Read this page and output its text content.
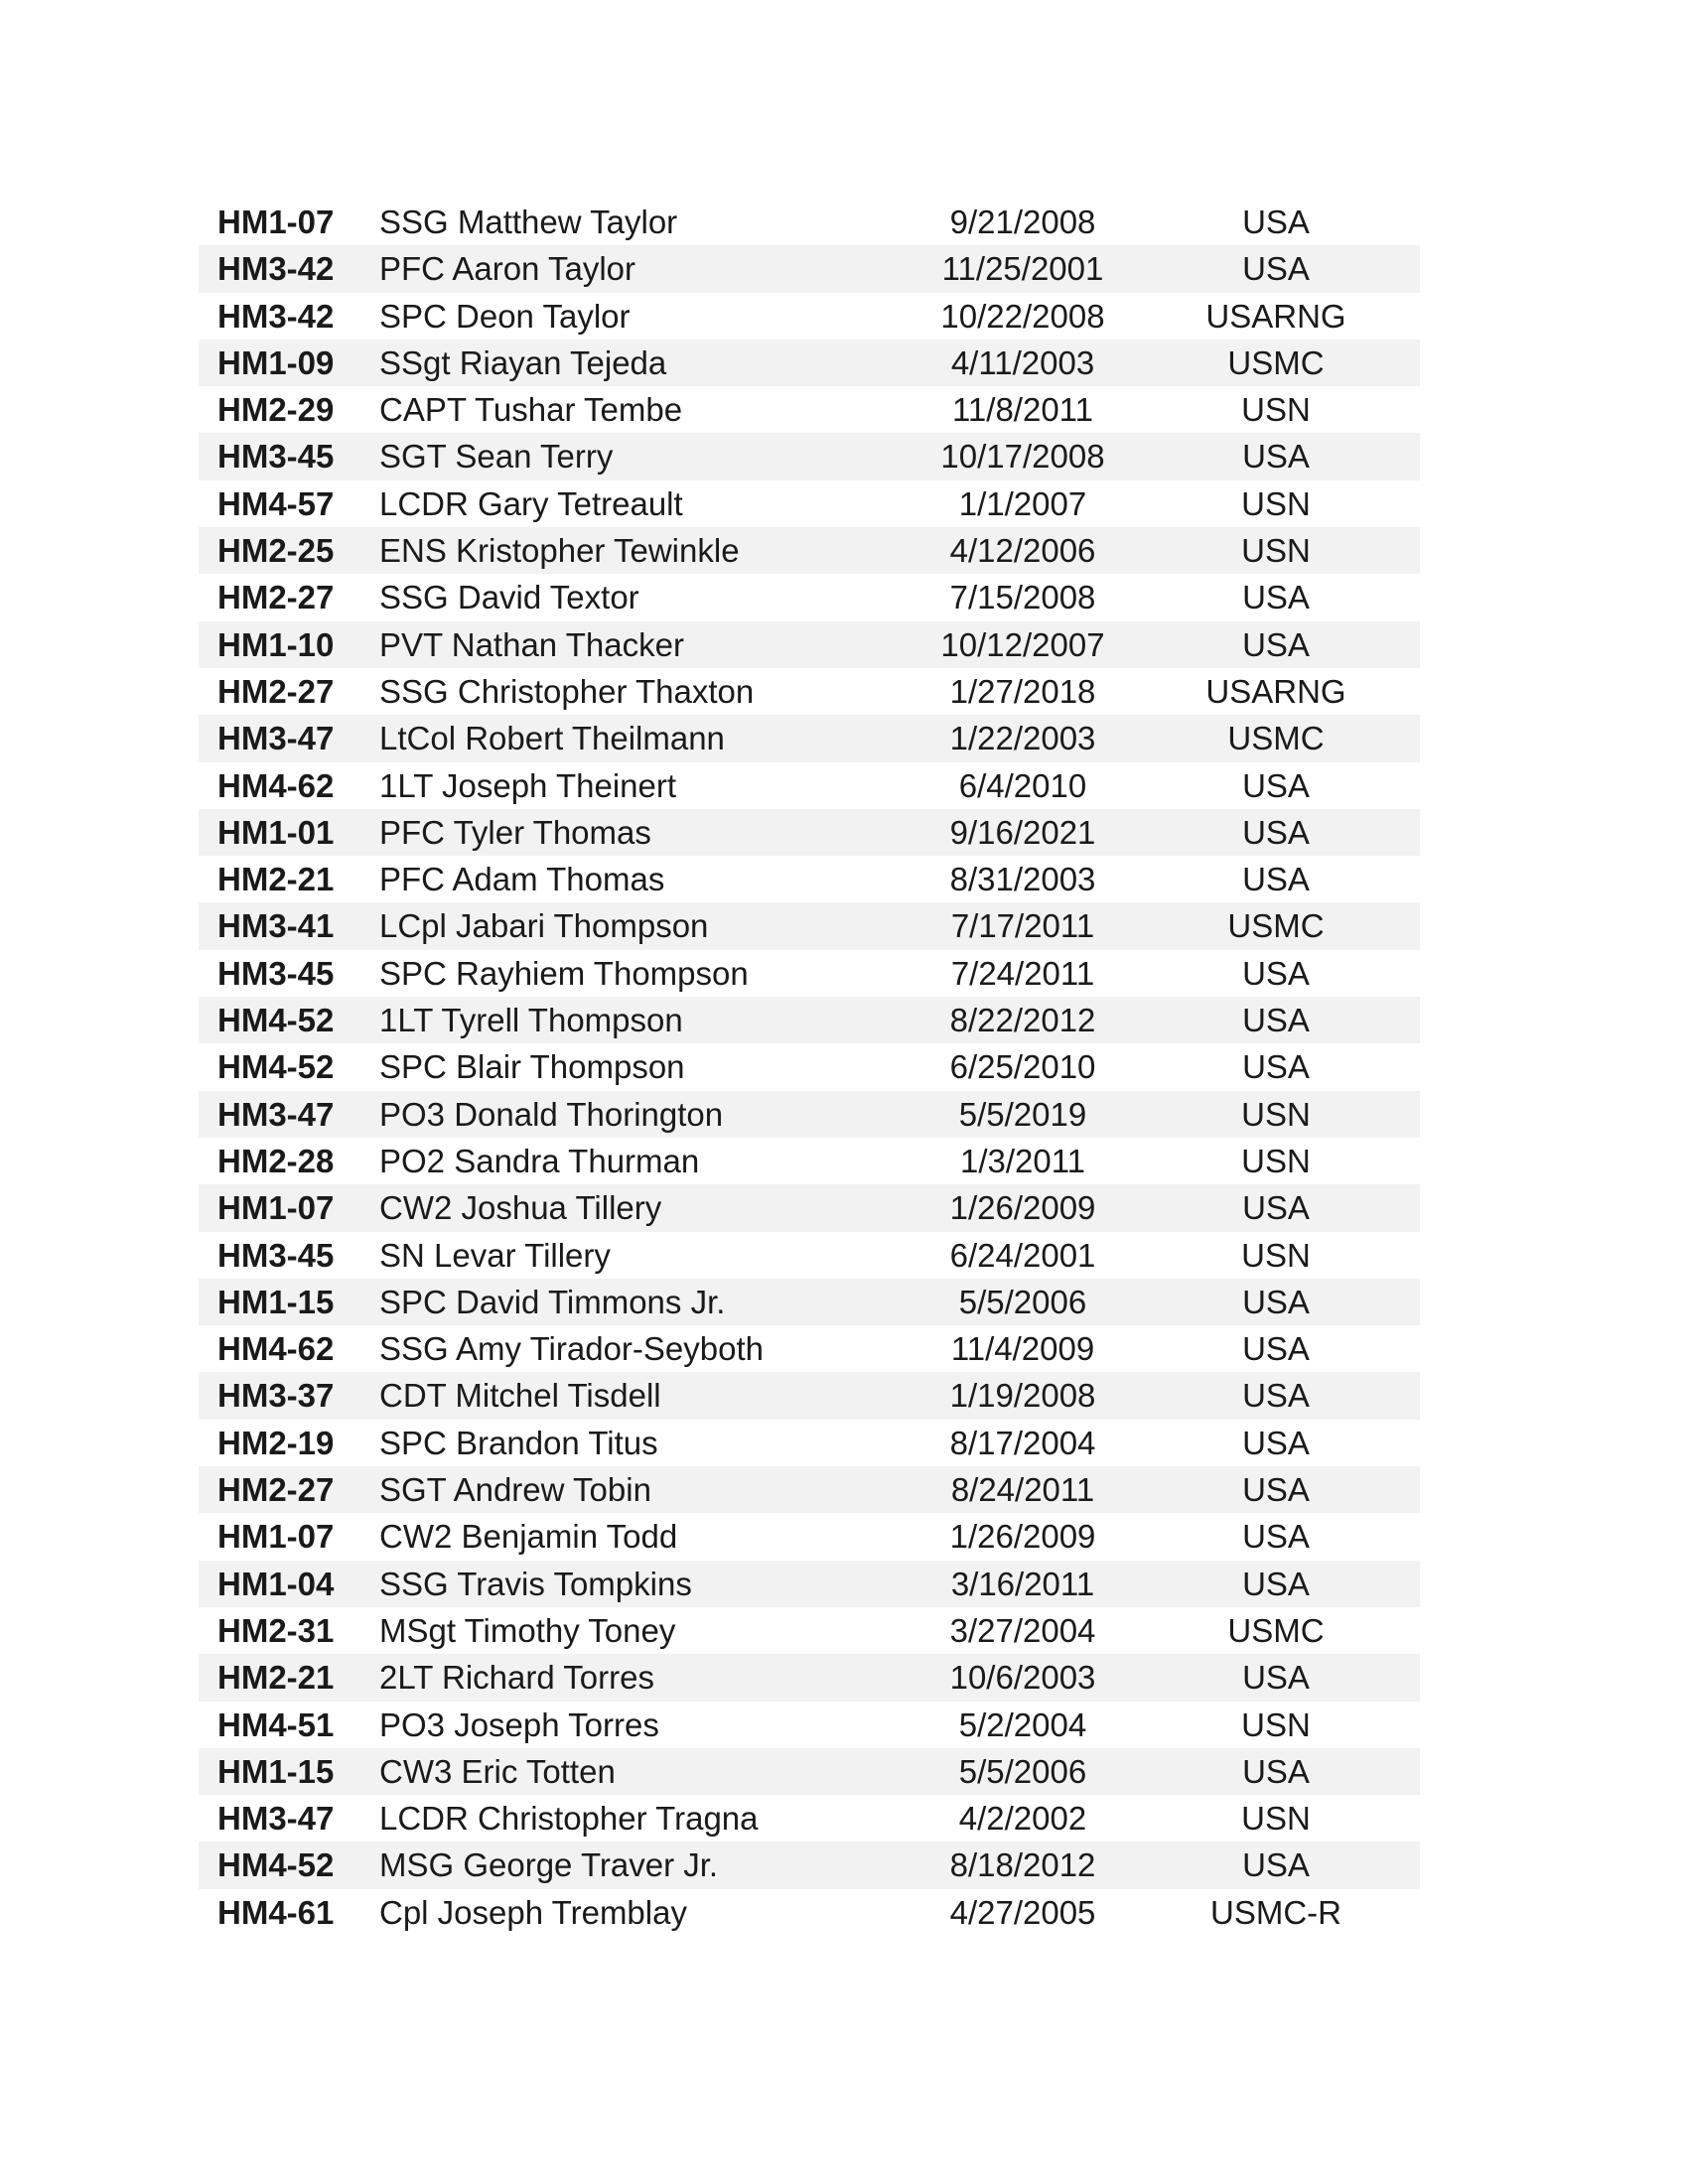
HM1-07	SSG Matthew Taylor	9/21/2008	USA
HM3-42	PFC Aaron Taylor	11/25/2001	USA
HM3-42	SPC Deon Taylor	10/22/2008	USARNG
HM1-09	SSgt Riayan Tejeda	4/11/2003	USMC
HM2-29	CAPT Tushar Tembe	11/8/2011	USN
HM3-45	SGT Sean Terry	10/17/2008	USA
HM4-57	LCDR Gary Tetreault	1/1/2007	USN
HM2-25	ENS Kristopher Tewinkle	4/12/2006	USN
HM2-27	SSG David Textor	7/15/2008	USA
HM1-10	PVT Nathan Thacker	10/12/2007	USA
HM2-27	SSG Christopher Thaxton	1/27/2018	USARNG
HM3-47	LtCol Robert Theilmann	1/22/2003	USMC
HM4-62	1LT Joseph Theinert	6/4/2010	USA
HM1-01	PFC Tyler Thomas	9/16/2021	USA
HM2-21	PFC Adam Thomas	8/31/2003	USA
HM3-41	LCpl Jabari Thompson	7/17/2011	USMC
HM3-45	SPC Rayhiem Thompson	7/24/2011	USA
HM4-52	1LT Tyrell Thompson	8/22/2012	USA
HM4-52	SPC Blair Thompson	6/25/2010	USA
HM3-47	PO3 Donald Thorington	5/5/2019	USN
HM2-28	PO2 Sandra Thurman	1/3/2011	USN
HM1-07	CW2 Joshua Tillery	1/26/2009	USA
HM3-45	SN Levar Tillery	6/24/2001	USN
HM1-15	SPC David Timmons Jr.	5/5/2006	USA
HM4-62	SSG Amy Tirador-Seyboth	11/4/2009	USA
HM3-37	CDT Mitchel Tisdell	1/19/2008	USA
HM2-19	SPC Brandon Titus	8/17/2004	USA
HM2-27	SGT Andrew Tobin	8/24/2011	USA
HM1-07	CW2 Benjamin Todd	1/26/2009	USA
HM1-04	SSG Travis Tompkins	3/16/2011	USA
HM2-31	MSgt Timothy Toney	3/27/2004	USMC
HM2-21	2LT Richard Torres	10/6/2003	USA
HM4-51	PO3 Joseph Torres	5/2/2004	USN
HM1-15	CW3 Eric Totten	5/5/2006	USA
HM3-47	LCDR Christopher Tragna	4/2/2002	USN
HM4-52	MSG George Traver Jr.	8/18/2012	USA
HM4-61	Cpl Joseph Tremblay	4/27/2005	USMC-R
